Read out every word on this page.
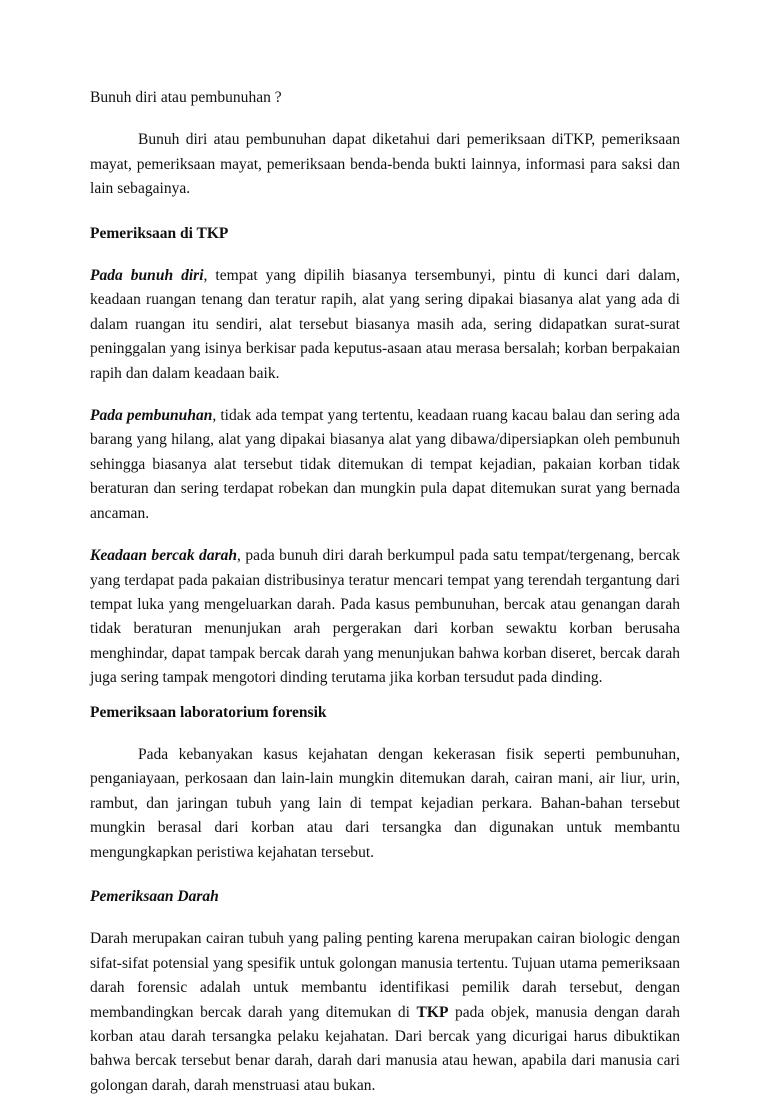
Bunuh diri atau pembunuhan ?

Bunuh diri atau pembunuhan dapat diketahui dari pemeriksaan diTKP, pemeriksaan mayat, pemeriksaan mayat, pemeriksaan benda-benda bukti lainnya, informasi para saksi dan lain sebagainya.

Pemeriksaan di TKP

Pada bunuh diri, tempat yang dipilih biasanya tersembunyi, pintu di kunci dari dalam, keadaan ruangan tenang dan teratur rapih, alat yang sering dipakai biasanya alat yang ada di dalam ruangan itu sendiri, alat tersebut biasanya masih ada, sering didapatkan surat-surat peninggalan yang isinya berkisar pada keputus-asaan atau merasa bersalah; korban berpakaian rapih dan dalam keadaan baik.

Pada pembunuhan, tidak ada tempat yang tertentu, keadaan ruang kacau balau dan sering ada barang yang hilang, alat yang dipakai biasanya alat yang dibawa/dipersiapkan oleh pembunuh sehingga biasanya alat tersebut tidak ditemukan di tempat kejadian, pakaian korban tidak beraturan dan sering terdapat robekan dan mungkin pula dapat ditemukan surat yang bernada ancaman.

Keadaan bercak darah, pada bunuh diri darah berkumpul pada satu tempat/tergenang, bercak yang terdapat pada pakaian distribusinya teratur mencari tempat yang terendah tergantung dari tempat luka yang mengeluarkan darah. Pada kasus pembunuhan, bercak atau genangan darah tidak beraturan menunjukan arah pergerakan dari korban sewaktu korban berusaha menghindar, dapat tampak bercak darah yang menunjukan bahwa korban diseret, bercak darah juga sering tampak mengotori dinding terutama jika korban tersudut pada dinding.

Pemeriksaan laboratorium forensik

Pada kebanyakan kasus kejahatan dengan kekerasan fisik seperti pembunuhan, penganiayaan, perkosaan dan lain-lain mungkin ditemukan darah, cairan mani, air liur, urin, rambut, dan jaringan tubuh yang lain di tempat kejadian perkara. Bahan-bahan tersebut mungkin berasal dari korban atau dari tersangka dan digunakan untuk membantu mengungkapkan peristiwa kejahatan tersebut.

Pemeriksaan Darah

Darah merupakan cairan tubuh yang paling penting karena merupakan cairan biologic dengan sifat-sifat potensial yang spesifik untuk golongan manusia tertentu. Tujuan utama pemeriksaan darah forensic adalah untuk membantu identifikasi pemilik darah tersebut, dengan membandingkan bercak darah yang ditemukan di TKP pada objek, manusia dengan darah korban atau darah tersangka pelaku kejahatan. Dari bercak yang dicurigai harus dibuktikan bahwa bercak tersebut benar darah, darah dari manusia atau hewan, apabila dari manusia cari golongan darah, darah menstruasi atau bukan.
